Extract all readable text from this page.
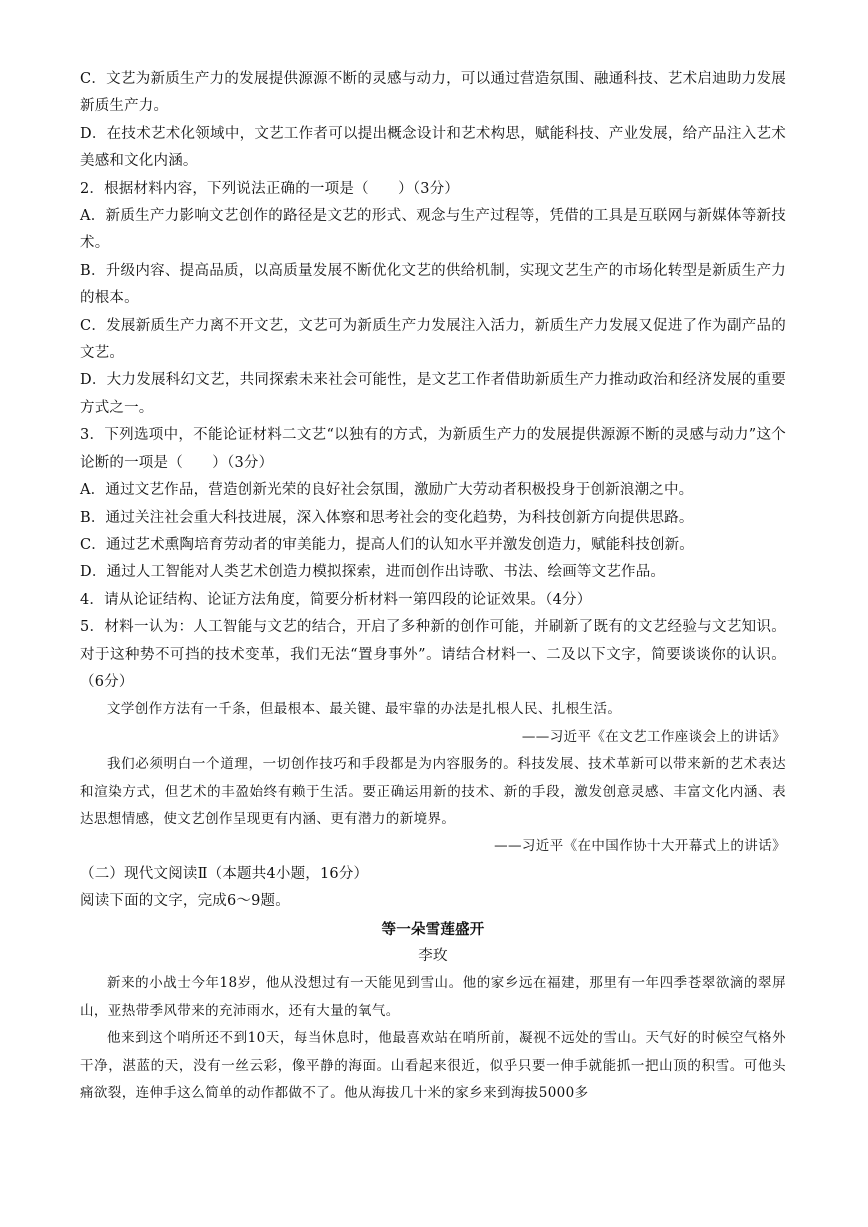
C．文艺为新质生产力的发展提供源源不断的灵感与动力，可以通过营造氛围、融通科技、艺术启迪助力发展新质生产力。

D．在技术艺术化领域中，文艺工作者可以提出概念设计和艺术构思，赋能科技、产业发展，给产品注入艺术美感和文化内涵。

2．根据材料内容，下列说法正确的一项是（　　）（3分）

A．新质生产力影响文艺创作的路径是文艺的形式、观念与生产过程等，凭借的工具是互联网与新媒体等新技术。

B．升级内容、提高品质，以高质量发展不断优化文艺的供给机制，实现文艺生产的市场化转型是新质生产力的根本。

C．发展新质生产力离不开文艺，文艺可为新质生产力发展注入活力，新质生产力发展又促进了作为副产品的文艺。

D．大力发展科幻文艺，共同探索未来社会可能性，是文艺工作者借助新质生产力推动政治和经济发展的重要方式之一。

3．下列选项中，不能论证材料二文艺“以独有的方式，为新质生产力的发展提供源源不断的灵感与动力”这个论断的一项是（　　）（3分）

A．通过文艺作品，营造创新光荣的良好社会氛围，激励广大劳动者积极投身于创新浪潮之中。

B．通过关注社会重大科技进展，深入体察和思考社会的变化趋势，为科技创新方向提供思路。

C．通过艺术熏陶培育劳动者的审美能力，提高人们的认知水平并激发创造力，赋能科技创新。

D．通过人工智能对人类艺术创造力模拟探索，进而创作出诗歌、书法、绘画等文艺作品。

4．请从论证结构、论证方法角度，简要分析材料一第四段的论证效果。（4分）

5．材料一认为：人工智能与文艺的结合，开启了多种新的创作可能，并刷新了既有的文艺经验与文艺知识。对于这种势不可挡的技术变革，我们无法“置身事外”。请结合材料一、二及以下文字，简要谈谈你的认识。（6分）

文学创作方法有一千条，但最根本、最关键、最牢靠的办法是扎根人民、扎根生活。

——习近平《在文艺工作座谈会上的讲话》

我们必须明白一个道理，一切创作技巧和手段都是为内容服务的。科技发展、技术革新可以带来新的艺术表达和渲染方式，但艺术的丰盈始终有赖于生活。要正确运用新的技术、新的手段，激发创意灵感、丰富文化内涵、表达思想情感，使文艺创作呈现更有内涵、更有潜力的新境界。

——习近平《在中国作协十大开幕式上的讲话》

（二）现代文阅读Ⅱ（本题共4小题，16分）

阅读下面的文字，完成6～9题。

等一朵雪莲盛开

李玫

新来的小战士今年18岁，他从没想过有一天能见到雪山。他的家乡远在福建，那里有一年四季苍翠欲滴的翠屏山，亚热带季风带来的充沛雨水，还有大量的氧气。

他来到这个哨所还不到10天，每当休息时，他最喜欢站在哨所前，凝视不远处的雪山。天气好的时候空气格外干净，湛蓝的天，没有一丝云彩，像平静的海面。山看起来很近，似乎只要一伸手就能抓一把山顶的积雪。可他头痛欲裂，连伸手这么简单的动作都做不了。他从海拔几十米的家乡来到海拔5000多
